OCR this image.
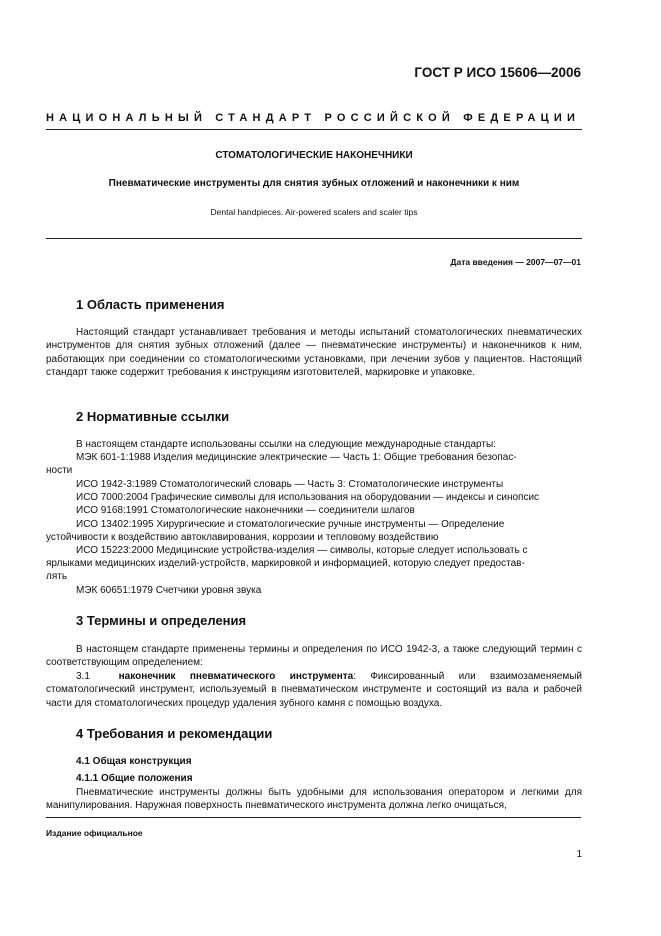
ГОСТ Р ИСО 15606—2006
НАЦИОНАЛЬНЫЙ СТАНДАРТ РОССИЙСКОЙ ФЕДЕРАЦИИ
СТОМАТОЛОГИЧЕСКИЕ НАКОНЕЧНИКИ
Пневматические инструменты для снятия зубных отложений и наконечники к ним
Dental handpieces. Air-powered scalers and scaler tips
Дата введения — 2007—07—01
1 Область применения
Настоящий стандарт устанавливает требования и методы испытаний стоматологических пневматических инструментов для снятия зубных отложений (далее — пневматические инструменты) и наконечников к ним, работающих при соединении со стоматологическими установками, при лечении зубов у пациентов. Настоящий стандарт также содержит требования к инструкциям изготовителей, маркировке и упаковке.
2 Нормативные ссылки
В настоящем стандарте использованы ссылки на следующие международные стандарты:
МЭК 601-1:1988 Изделия медицинские электрические — Часть 1: Общие требования безопас-
ности
ИСО 1942-3:1989 Стоматологический словарь — Часть 3: Стоматологические инструменты
ИСО 7000:2004 Графические символы для использования на оборудовании — индексы и синопсис
ИСО 9168:1991 Стоматологические наконечники — соединители шлагов
ИСО 13402:1995 Хирургические и стоматологические ручные инструменты — Определение
устойчивости к воздействию автоклавирования, коррозии и тепловому воздействию
ИСО 15223:2000 Медицинские устройства-изделия — символы, которые следует использовать с
ярлыками медицинских изделий-устройств, маркировкой и информацией, которую следует предостав-
лять
МЭК 60651:1979 Счетчики уровня звука
3 Термины и определения
В настоящем стандарте применены термины и определения по ИСО 1942-3, а также следующий термин с соответствующим определением:
3.1	наконечник пневматического инструмента: Фиксированный или взаимозаменяемый стоматологический инструмент, используемый в пневматическом инструменте и состоящий из вала и рабочей части для стоматологических процедур удаления зубного камня с помощью воздуха.
4 Требования и рекомендации
4.1 Общая конструкция
4.1.1 Общие положения
Пневматические инструменты должны быть удобными для использования оператором и легкими для манипулирования. Наружная поверхность пневматического инструмента должна легко очищаться,
Издание официальное
1
